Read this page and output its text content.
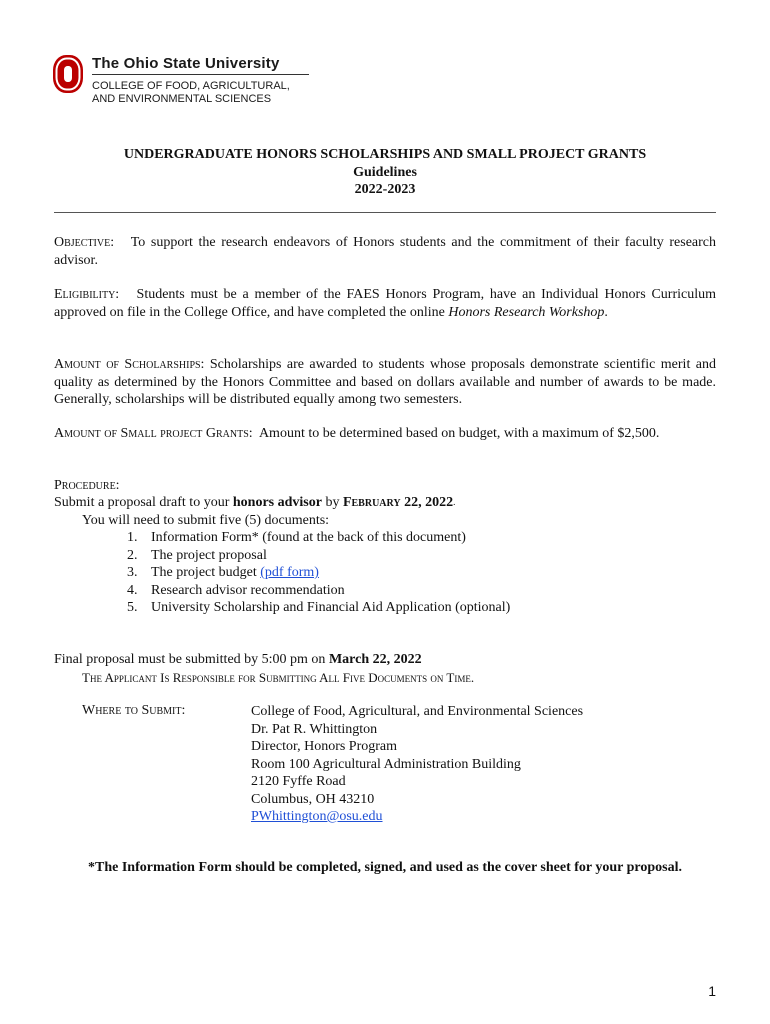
The Ohio State University
COLLEGE OF FOOD, AGRICULTURAL,
AND ENVIRONMENTAL SCIENCES
UNDERGRADUATE HONORS SCHOLARSHIPS AND SMALL PROJECT GRANTS
Guidelines
2022-2023
Objective: To support the research endeavors of Honors students and the commitment of their faculty research advisor.
Eligibility: Students must be a member of the FAES Honors Program, have an Individual Honors Curriculum approved on file in the College Office, and have completed the online Honors Research Workshop.
Amount of Scholarships: Scholarships are awarded to students whose proposals demonstrate scientific merit and quality as determined by the Honors Committee and based on dollars available and number of awards to be made. Generally, scholarships will be distributed equally among two semesters.
Amount of Small project Grants: Amount to be determined based on budget, with a maximum of $2,500.
Procedure:
Submit a proposal draft to your honors advisor by February 22, 2022.
You will need to submit five (5) documents:
1. Information Form* (found at the back of this document)
2. The project proposal
3. The project budget (pdf form)
4. Research advisor recommendation
5. University Scholarship and Financial Aid Application (optional)
Final proposal must be submitted by 5:00 pm on March 22, 2022
The Applicant Is Responsible for Submitting All Five Documents on Time.
Where to Submit:	College of Food, Agricultural, and Environmental Sciences
Dr. Pat R. Whittington
Director, Honors Program
Room 100 Agricultural Administration Building
2120 Fyffe Road
Columbus, OH 43210
PWhittington@osu.edu
*The Information Form should be completed, signed, and used as the cover sheet for your proposal.
1
